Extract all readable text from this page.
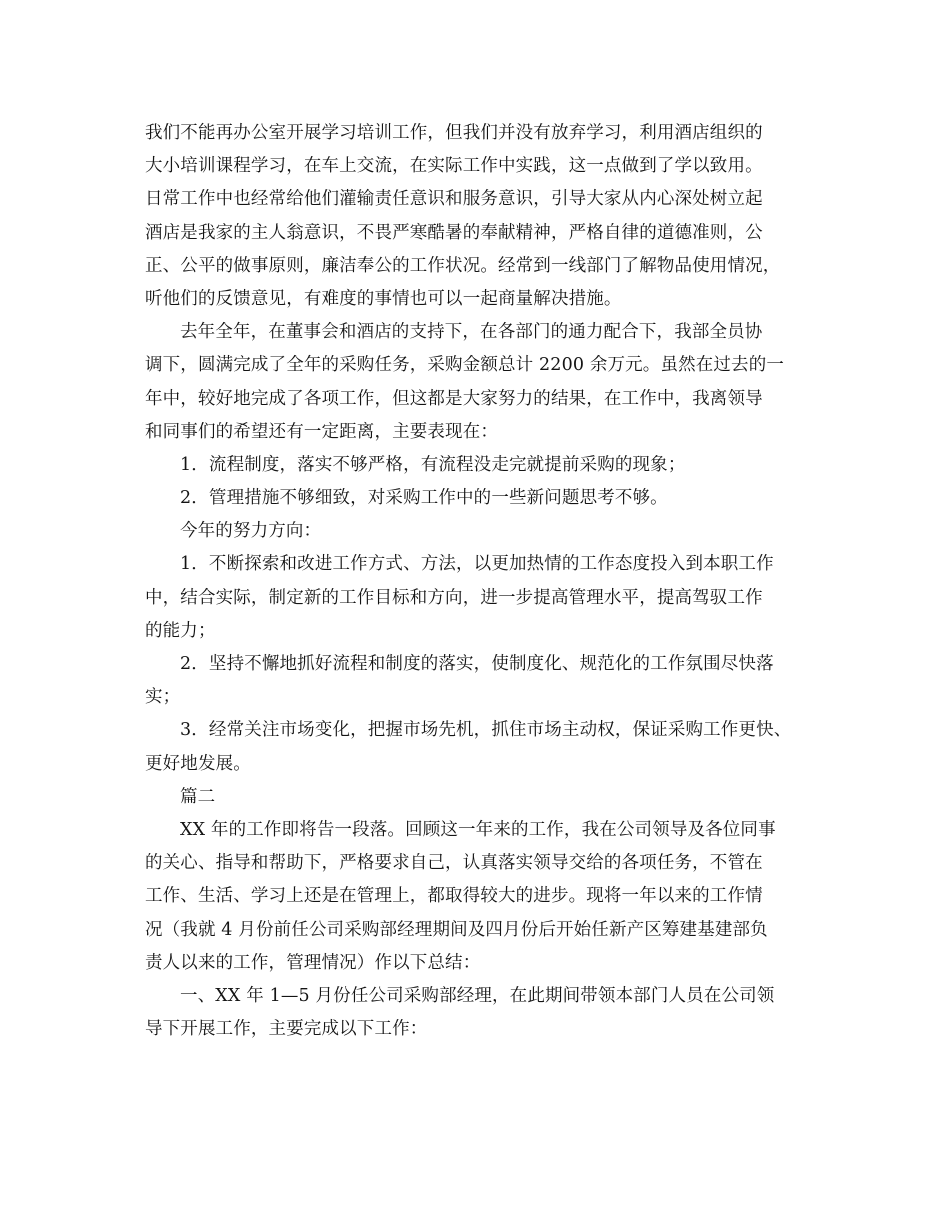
我们不能再办公室开展学习培训工作，但我们并没有放弃学习，利用酒店组织的
大小培训课程学习，在车上交流，在实际工作中实践，这一点做到了学以致用。
日常工作中也经常给他们灌输责任意识和服务意识，引导大家从内心深处树立起
酒店是我家的主人翁意识，不畏严寒酷暑的奉献精神，严格自律的道德准则，公
正、公平的做事原则，廉洁奉公的工作状况。经常到一线部门了解物品使用情况，
听他们的反馈意见，有难度的事情也可以一起商量解决措施。
去年全年，在董事会和酒店的支持下，在各部门的通力配合下，我部全员协
调下，圆满完成了全年的采购任务，采购金额总计 2200 余万元。虽然在过去的一
年中，较好地完成了各项工作，但这都是大家努力的结果，在工作中，我离领导
和同事们的希望还有一定距离，主要表现在：
1．流程制度，落实不够严格，有流程没走完就提前采购的现象；
2．管理措施不够细致，对采购工作中的一些新问题思考不够。
今年的努力方向：
1．不断探索和改进工作方式、方法，以更加热情的工作态度投入到本职工作
中，结合实际，制定新的工作目标和方向，进一步提高管理水平，提高驾驭工作
的能力；
2．坚持不懈地抓好流程和制度的落实，使制度化、规范化的工作氛围尽快落
实；
3．经常关注市场变化，把握市场先机，抓住市场主动权，保证采购工作更快、
更好地发展。
篇二
XX 年的工作即将告一段落。回顾这一年来的工作，我在公司领导及各位同事
的关心、指导和帮助下，严格要求自己，认真落实领导交给的各项任务，不管在
工作、生活、学习上还是在管理上，都取得较大的进步。现将一年以来的工作情
况（我就 4 月份前任公司采购部经理期间及四月份后开始任新产区筹建基建部负
责人以来的工作，管理情况）作以下总结：
一、XX 年 1—5 月份任公司采购部经理，在此期间带领本部门人员在公司领
导下开展工作，主要完成以下工作：
